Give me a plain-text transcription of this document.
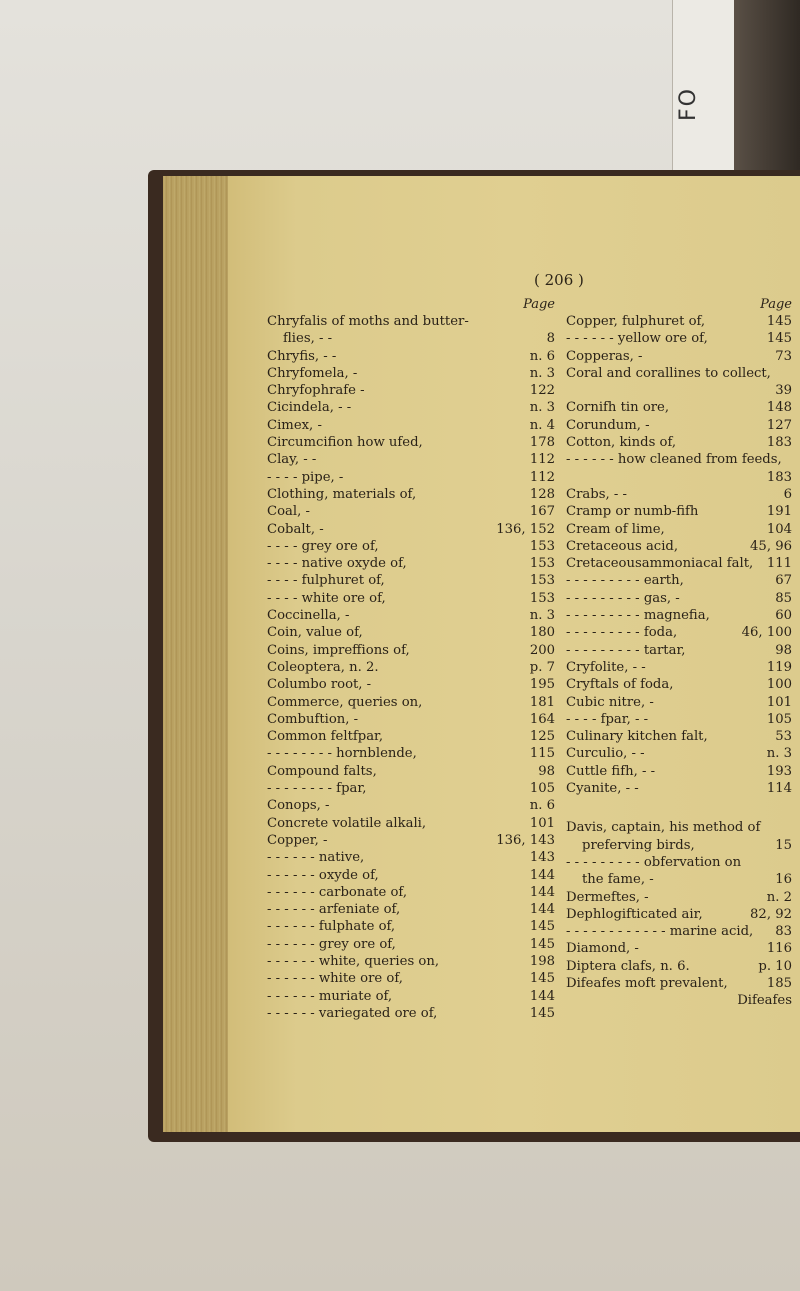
FO
( 206 )
Page
Chryfalis of moths and butter-
flies, - -	8
Chryfis, - -	n. 6
Chryfomela, -	n. 3
Chryfophrafe -	122
Cicindela, - -	n. 3
Cimex, -	n. 4
Circumcifion how ufed,	178
Clay, - -	112
- - - - pipe, -	112
Clothing, materials of,	128
Coal, -	167
Cobalt, -	136, 152
- - - - grey ore of,	153
- - - - native oxyde of,	153
- - - - fulphuret of,	153
- - - - white ore of,	153
Coccinella, -	n. 3
Coin, value of,	180
Coins, impreffions of,	200
Coleoptera, n. 2.	p. 7
Columbo root, -	195
Commerce, queries on,	181
Combuftion, -	164
Common feltfpar,	125
- - - - - - - - hornblende,	115
Compound falts,	98
- - - - - - - - fpar,	105
Conops, -	n. 6
Concrete volatile alkali,	101
Copper, -	136, 143
- - - - - - native,	143
- - - - - - oxyde of,	144
- - - - - - carbonate of,	144
- - - - - - arfeniate of,	144
- - - - - - fulphate of,	145
- - - - - - grey ore of,	145
- - - - - - white, queries on,	198
- - - - - - white ore of,	145
- - - - - - muriate of,	144
- - - - - - variegated ore of,	145
Page
Copper, fulphuret of,	145
- - - - - - yellow ore of,	145
Copperas, -	73
Coral and corallines to collect,
39
Cornifh tin ore,	148
Corundum, -	127
Cotton, kinds of,	183
- - - - - - how cleaned from feeds,
183
Crabs, - -	6
Cramp or numb-fifh	191
Cream of lime,	104
Cretaceous acid,	45, 96
Cretaceousammoniacal falt, 111
- - - - - - - - - earth,	67
- - - - - - - - - gas, -	85
- - - - - - - - - magnefia,	60
- - - - - - - - - foda,	46, 100
- - - - - - - - - tartar,	98
Cryfolite, - -	119
Cryftals of foda,	100
Cubic nitre, -	101
- - - - fpar, - -	105
Culinary kitchen falt,	53
Curculio, - -	n. 3
Cuttle fifh, - -	193
Cyanite, - -	114
Davis, captain, his method of
preferving birds,	15
- - - - - - - - - obfervation on
the fame, -	16
Dermeftes, -	n. 2
Dephlogifticated air,	82, 92
- - - - - - - - - - - - marine acid, 83
Diamond, -	116
Diptera clafs, n. 6.	p. 10
Difeafes moft prevalent,	185
Difeafes
